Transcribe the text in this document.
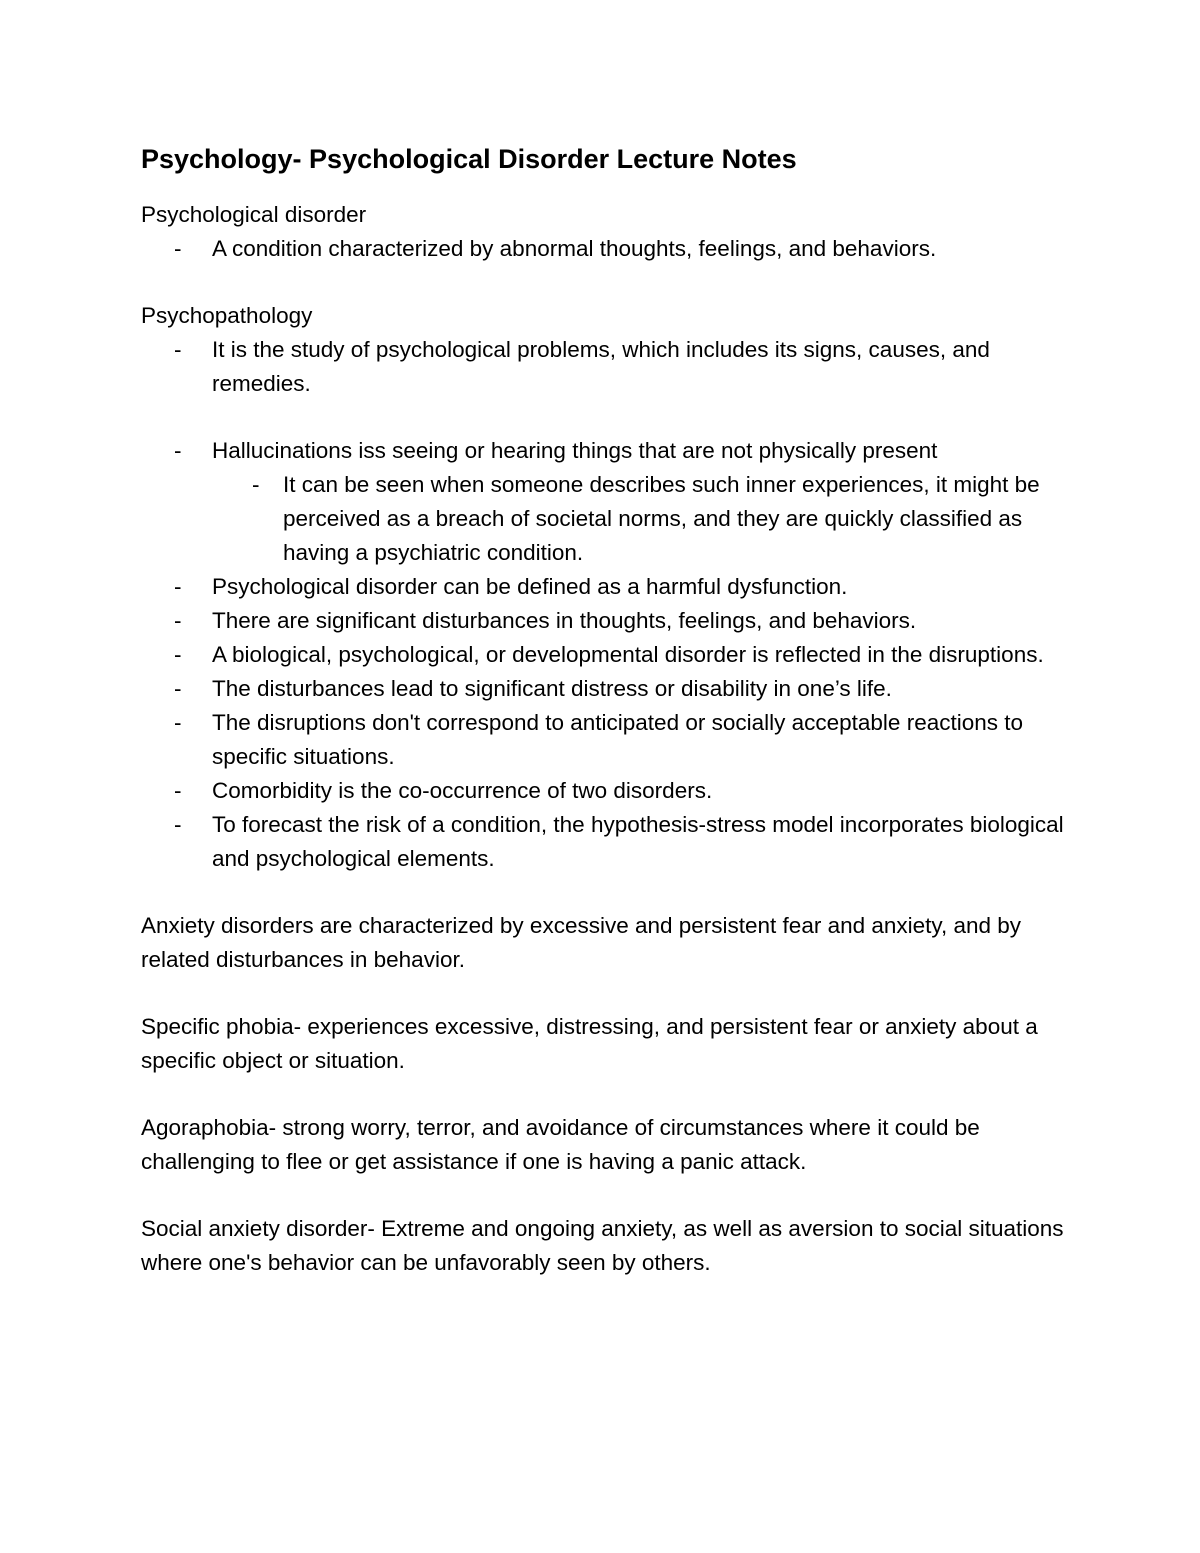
Psychology- Psychological Disorder Lecture Notes

Psychological disorder

- A condition characterized by abnormal thoughts, feelings, and behaviors.

Psychopathology

- It is the study of psychological problems, which includes its signs, causes, and remedies.
- Hallucinations iss seeing or hearing things that are not physically present
- It can be seen when someone describes such inner experiences, it might be perceived as a breach of societal norms, and they are quickly classified as having a psychiatric condition.
- Psychological disorder can be defined as a harmful dysfunction.
- There are significant disturbances in thoughts, feelings, and behaviors.
- A biological, psychological, or developmental disorder is reflected in the disruptions.
- The disturbances lead to significant distress or disability in one’s life.
- The disruptions don't correspond to anticipated or socially acceptable reactions to specific situations.
- Comorbidity is the co-occurrence of two disorders.
- To forecast the risk of a condition, the hypothesis-stress model incorporates biological and psychological elements.

Anxiety disorders are characterized by excessive and persistent fear and anxiety, and by related disturbances in behavior.

Specific phobia- experiences excessive, distressing, and persistent fear or anxiety about a specific object or situation.

Agoraphobia- strong worry, terror, and avoidance of circumstances where it could be challenging to flee or get assistance if one is having a panic attack.

Social anxiety disorder- Extreme and ongoing anxiety, as well as aversion to social situations where one's behavior can be unfavorably seen by others.
